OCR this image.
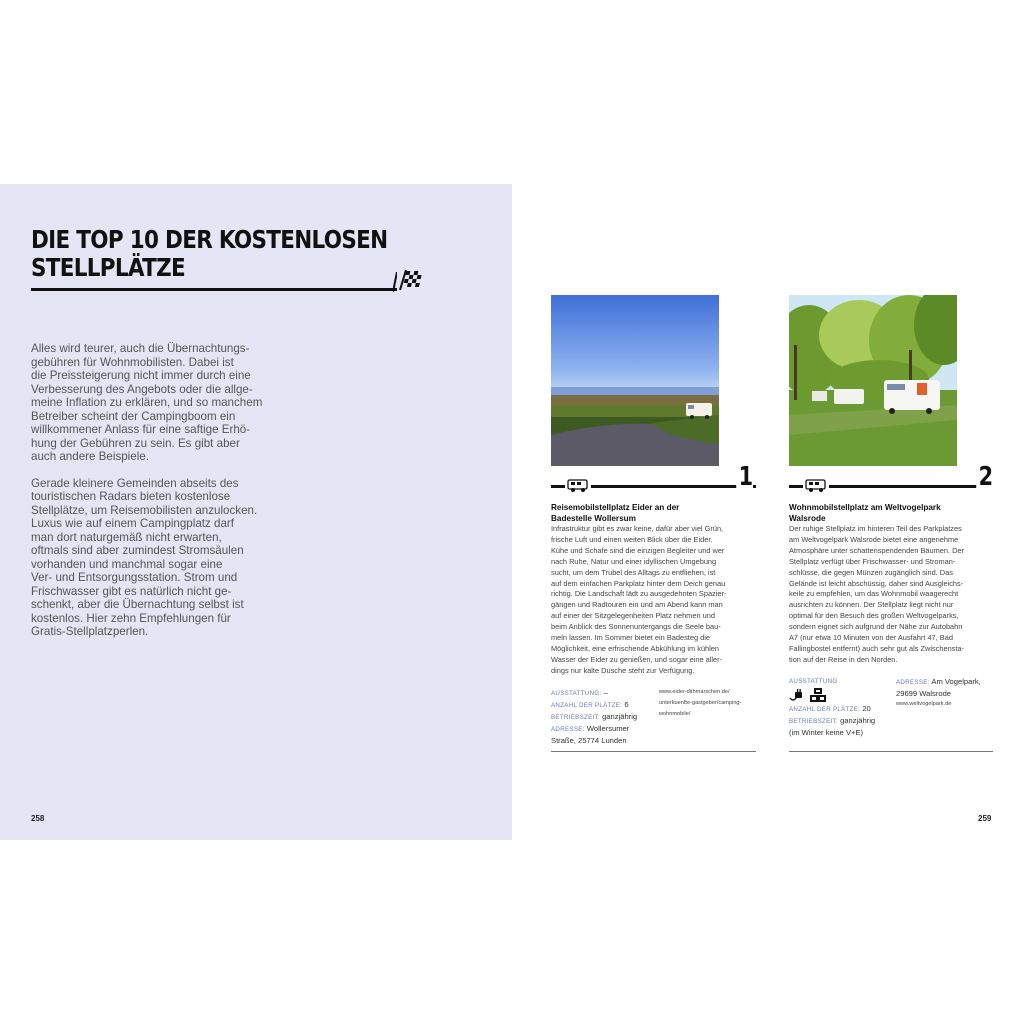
DIE TOP 10 DER KOSTENLOSEN
STELLPLÄTZE

Alles wird teurer, auch die Übernachtungs-
gebühren für Wohnmobilisten. Dabei ist
die Preissteigerung nicht immer durch eine
Verbesserung des Angebots oder die allge-
meine Inflation zu erklären, und so manchem
Betreiber scheint der Campingboom ein
willkommener Anlass für eine saftige Erhö-
hung der Gebühren zu sein. Es gibt aber
auch andere Beispiele.

Gerade kleinere Gemeinden abseits des
touristischen Radars bieten kostenlose
Stellplätze, um Reisemobilisten anzulocken.
Luxus wie auf einem Campingplatz darf
man dort naturgemäß nicht erwarten,
oftmals sind aber zumindest Stromsäulen
vorhanden und manchmal sogar eine
Ver- und Entsorgungsstation. Strom und
Frischwasser gibt es natürlich nicht ge-
schenkt, aber die Übernachtung selbst ist
kostenlos. Hier zehn Empfehlungen für
Gratis-Stellplatzperlen.

258
1
Reisemobilstellplatz Eider an der
Badestelle Wollersum
Infrastruktur gibt es zwar keine, dafür aber viel Grün,
frische Luft und einen weiten Blick über die Eider.
Kühe und Schafe sind die einzigen Begleiter und wer
nach Ruhe, Natur und einer idyllischen Umgebung
sucht, um dem Trubel des Alltags zu entfliehen, ist
auf dem einfachen Parkplatz hinter dem Deich genau
richtig. Die Landschaft lädt zu ausgedehnten Spazier-
gängen und Radtouren ein und am Abend kann man
auf einer der Sitzgelegenheiten Platz nehmen und
beim Anblick des Sonnenuntergangs die Seele bau-
meln lassen. Im Sommer bietet ein Badesteg die
Möglichkeit, eine erfrischende Abkühlung im kühlen
Wasser der Eider zu genießen, und sogar eine aller-
dings nur kalte Dusche steht zur Verfügung.
AUSSTATTUNG: –
ANZAHL DER PLÄTZE: 6
BETRIEBSZEIT: ganzjährig
ADRESSE: Wollersumer
Straße, 25774 Lunden
www.eider-dithmarschen.de/
unterkuenfte-gastgeber/camping-
wohnmobile/
2
Wohnmobilstellplatz am Weltvogelpark
Walsrode
Der ruhige Stellplatz im hinteren Teil des Parkplatzes
am Weltvogelpark Walsrode bietet eine angenehme
Atmosphäre unter schattenspendenden Bäumen. Der
Stellplatz verfügt über Frischwasser- und Stroman-
schlüsse, die gegen Münzen zugänglich sind. Das
Gelände ist leicht abschüssig, daher sind Ausgleichs-
keile zu empfehlen, um das Wohnmobil waagerecht
ausrichten zu können. Der Stellplatz liegt nicht nur
optimal für den Besuch des großen Weltvogelparks,
sondern eignet sich aufgrund der Nähe zur Autobahn
A7 (nur etwa 10 Minuten von der Ausfahrt 47, Bad
Fallingbostel entfernt) auch sehr gut als Zwischensta-
tion auf der Reise in den Norden.
AUSSTATTUNG
ANZAHL DER PLÄTZE: 20
BETRIEBSZEIT: ganzjährig
(im Winter keine V+E)
ADRESSE: Am Vogelpark,
29699 Walsrode
www.weltvogelpark.de
259
